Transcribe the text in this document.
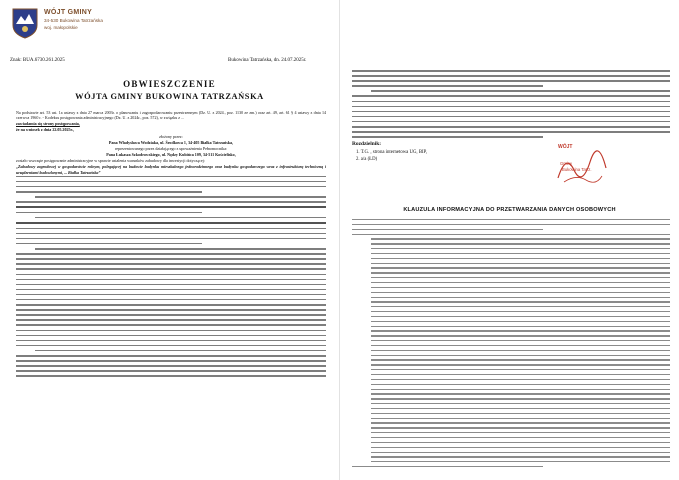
WÓJT GMINY
34-530 Bukowina Tatrzańska
woj. małopolskie
Znak: BUA.6730.261.2025	Bukowina Tatrzańska, dn. 24.07.2025r.
OBWIESZCZENIE
WÓJTA GMINY BUKOWINA TATRZAŃSKA

Na podstawie art. 53 ust. 1a ustawy z dnia 27 marca 2003r. o planowaniu i zagospodarowaniu przestrzennym (Dz. U. z 2024., poz. 1130 ze zm.) oraz art. 49, art. 61 § 4 ustawy z dnia 14 czerwca 1960 r. - Kodeksu postępowania administracyjnego (Dz. U. z 2024r., poz. 572), w związku z ...

zawiadamia się strony postępowania,

że na wniosek z dnia 22.05.2025r.,

złożony przez:

Pana Władysława Wodziaka, ul. Środkowa 1, 34-405 Białka Tatrzańska,

reprezentowanego przez działającego z upoważnienia Pełnomocnika:

Pana Łukasza Szkodrowskiego, ul. Nędzy Kubińca 109, 34-511 Kościelisko,

zostało wszczęte postępowanie administracyjne w sprawie ustalenia warunków zabudowy dla inwestycji dotyczącej:

„Zabudowy zagrodowej w gospodarstwie rolnym, polegającej na budowie budynku mieszkalnego jednorodzinnego oraz budynku gospodarczego wraz z infrastrukturą techniczną i urządzeniami budowlanymi, ... Białka Tatrzańska”

Rozdzielnik:
1. T.G. , strona internetowa UG, BIP,
2. a/a (ŁD)
WÓJT
Gminy
Bukowina Tatrz.
KLAUZULA INFORMACYJNA DO PRZETWARZANIA DANYCH OSOBOWYCH
